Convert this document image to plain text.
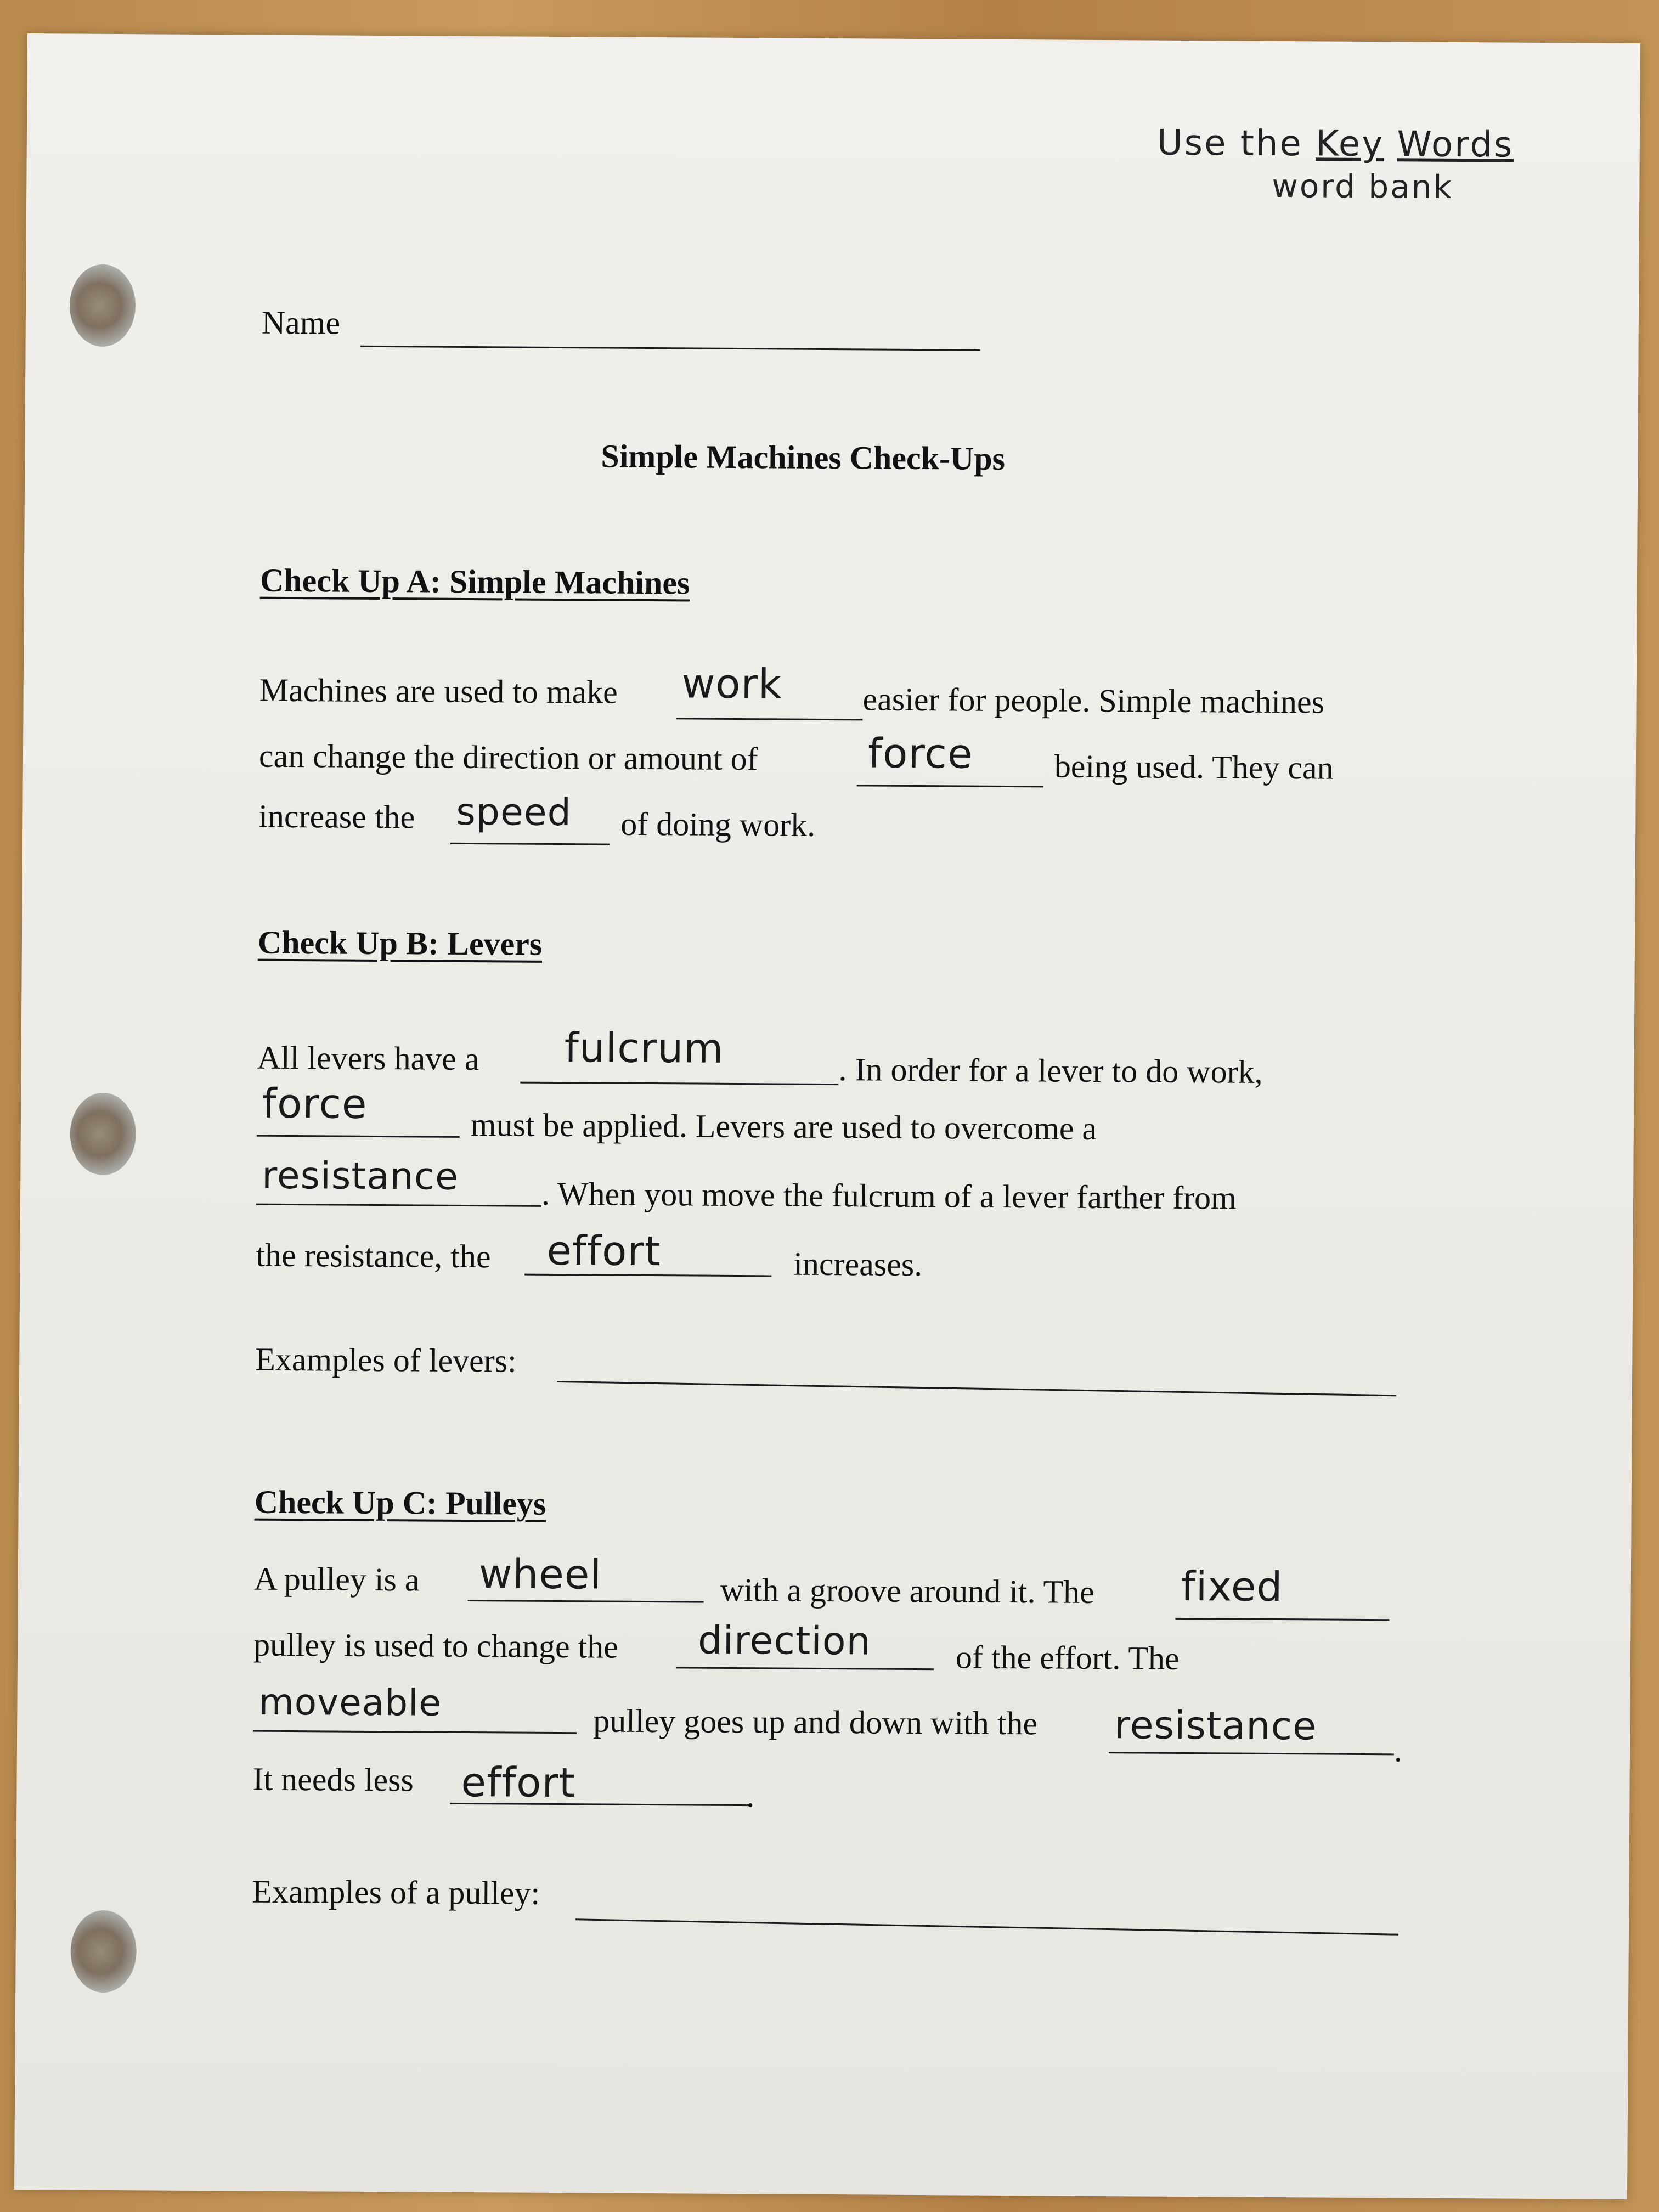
Use the Key Words
word bank
Name
Simple Machines Check-Ups
Check Up A: Simple Machines
Machines are used to make work easier for people. Simple machines
can change the direction or amount of	force being used. They can
increase the speed of doing work.
Check Up B: Levers
All levers have a fulcrum	. In order for a lever to do work,
force	must be applied. Levers are used to overcome a
resistance	. When you move the fulcrum of a lever farther from
the resistance, the effort	increases.
Examples of levers:
Check Up C: Pulleys
A pulley is a wheel	with a groove around it. The fixed
pulley is used to change the direction	of the effort. The
moveable	pulley goes up and down with the resistance
.
It needs less effort	.
Examples of a pulley:
